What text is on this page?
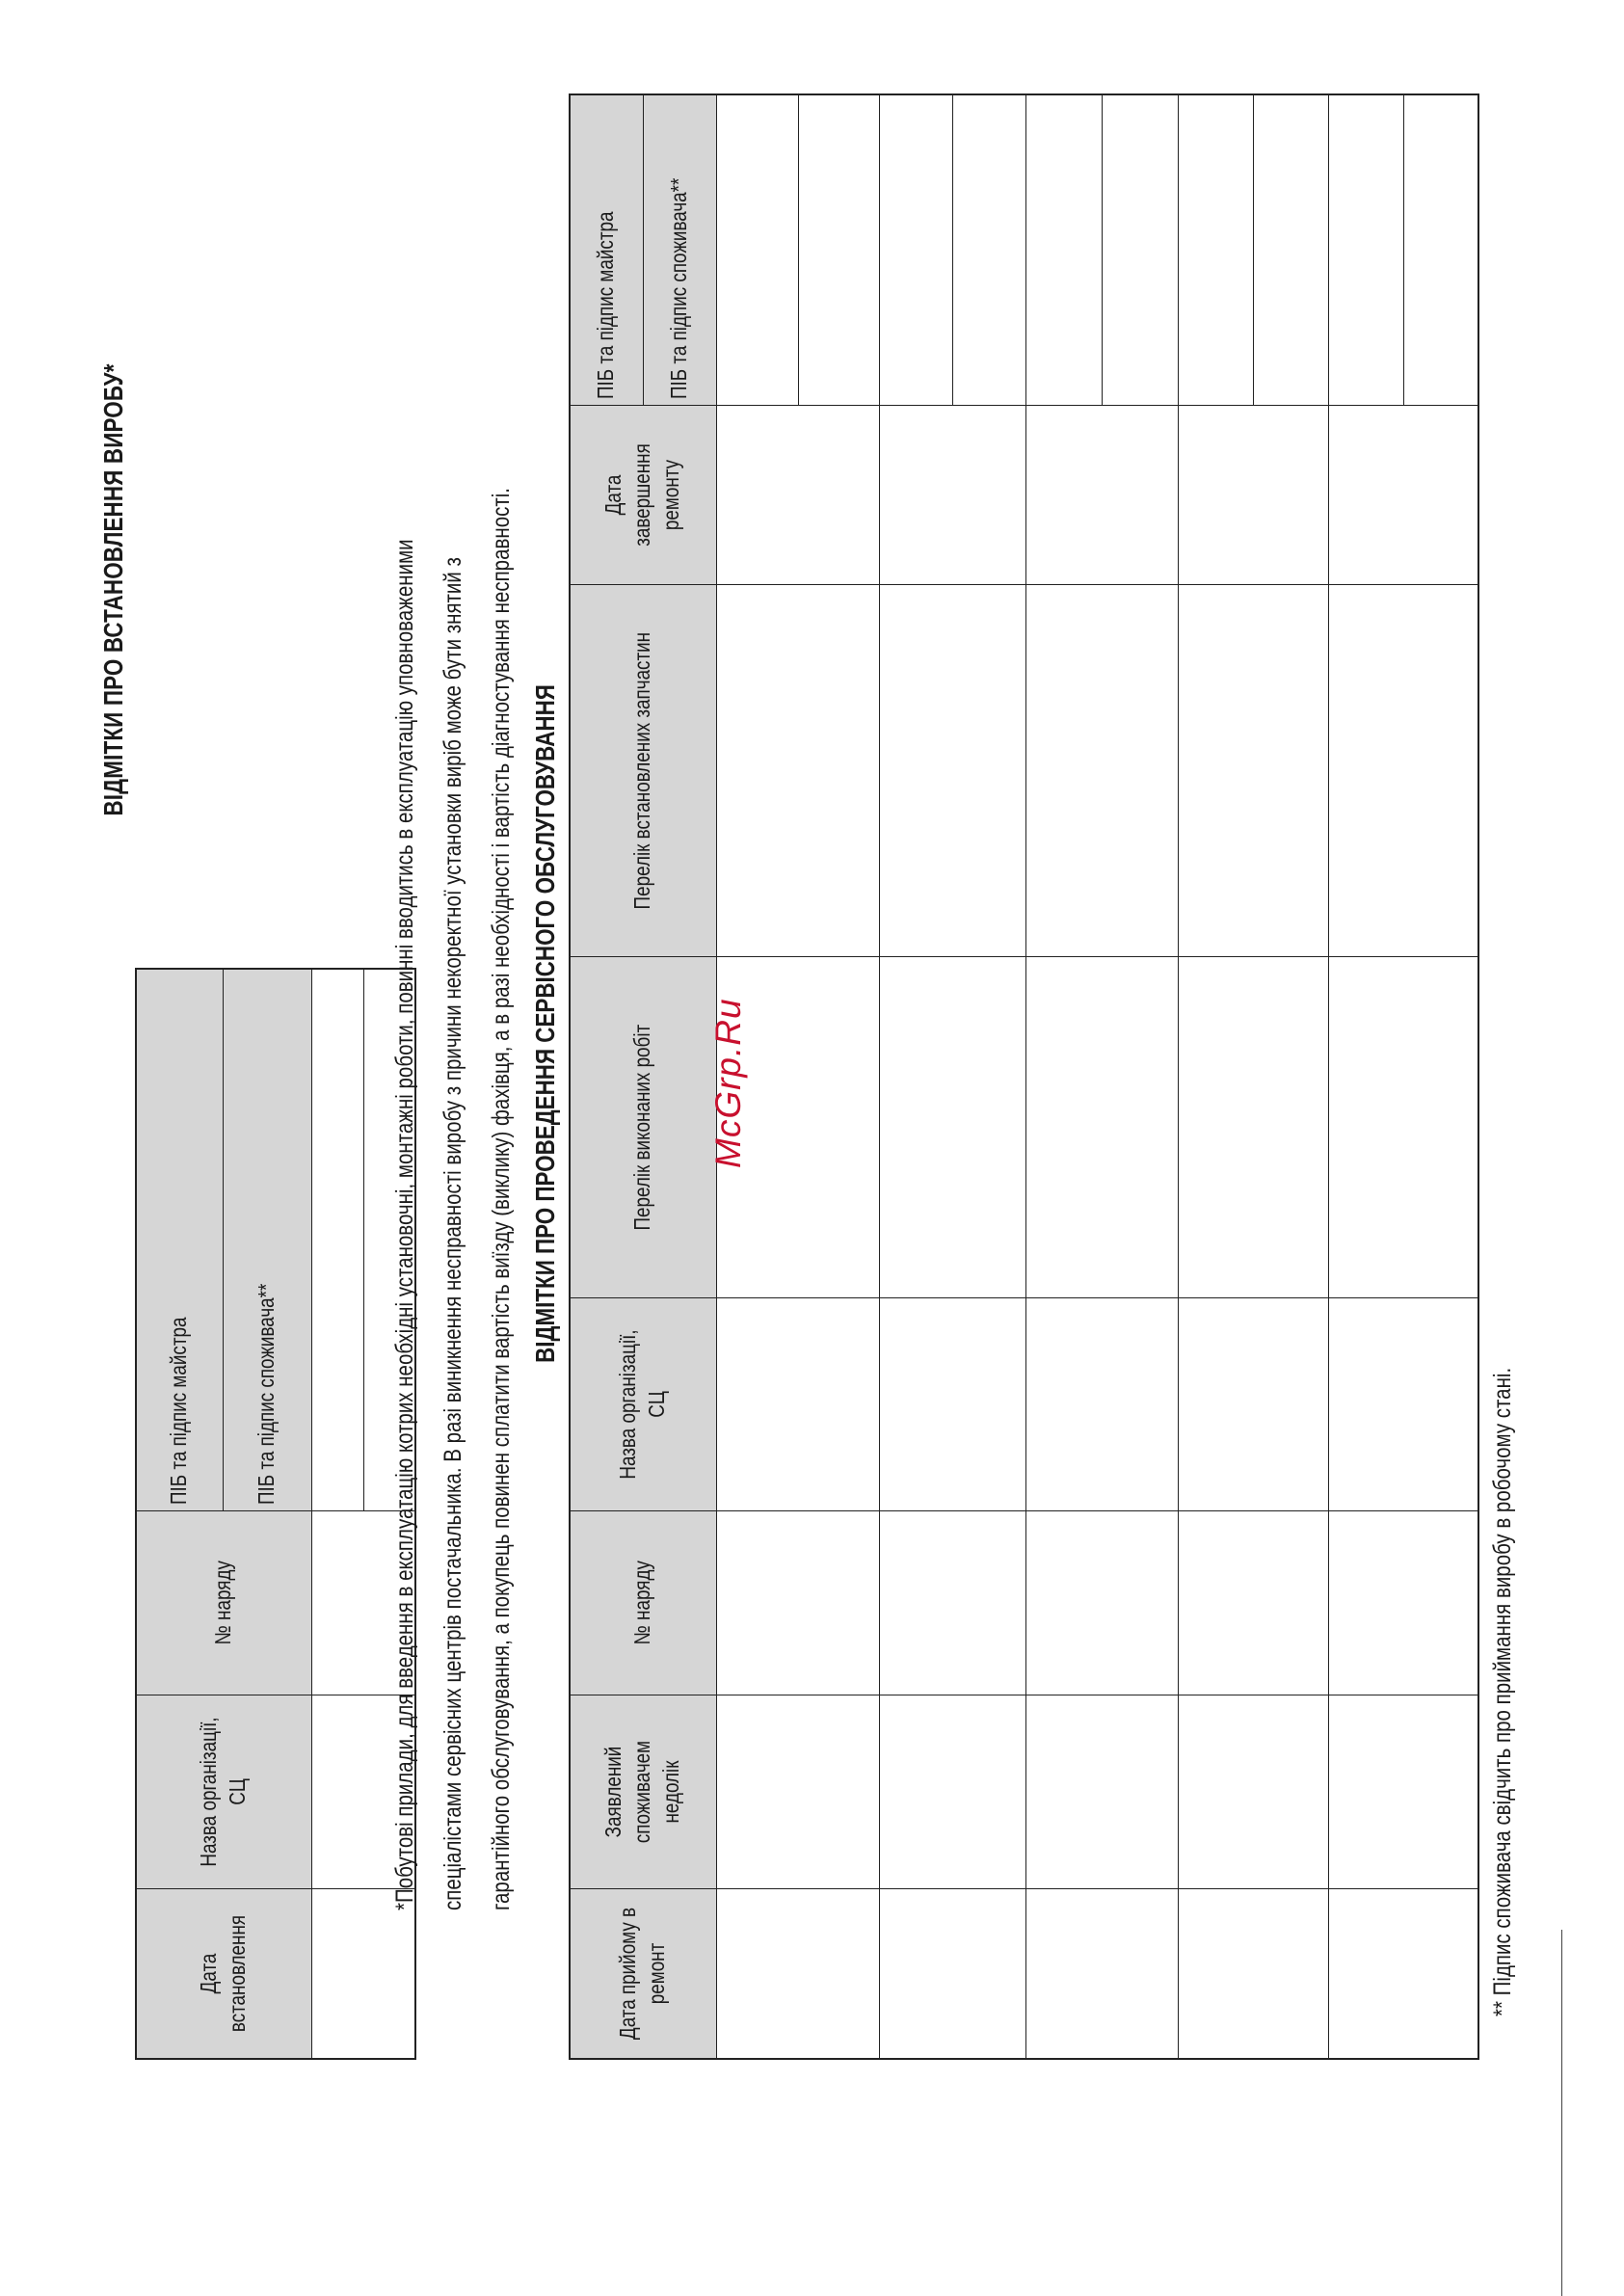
ВІДМІТКИ ПРО ВСТАНОВЛЕННЯ ВИРОБУ*
Дата встановлення	Назва організації, СЦ	№ наряду	ПІБ та підпис майстра
			ПІБ та підпис споживача**
				*Побутові прилади, для введення в експлуатацію котрих необхідні установочні, монтажні роботи, повинні вводитись в експлуатацію уповноваженими спеціалістами сервісних центрів постачальника. В разі виникнення несправності виробу з причини некоректної установки виріб може бути знятий з гарантійного обслуговування, а покупець повинен сплатити вартість виїзду (виклику) фахівця, а в разі необхідності і вартість діагностування несправності. ВІДМІТКИ ПРО ПРОВЕДЕННЯ СЕРВІСНОГО ОБСЛУГОВУВАННЯ
Дата прийому в ремонт	Заявлений споживачем недолік	№ наряду	Назва організації, СЦ	Перелік виконаних робіт	Перелік встановлених запчастин	Дата завершення ремонту	ПІБ та підпис майстра
							ПІБ та підпис споживача**

** Підпис споживача свідчить про приймання виробу в робочому стані.
McGrp.Ru
